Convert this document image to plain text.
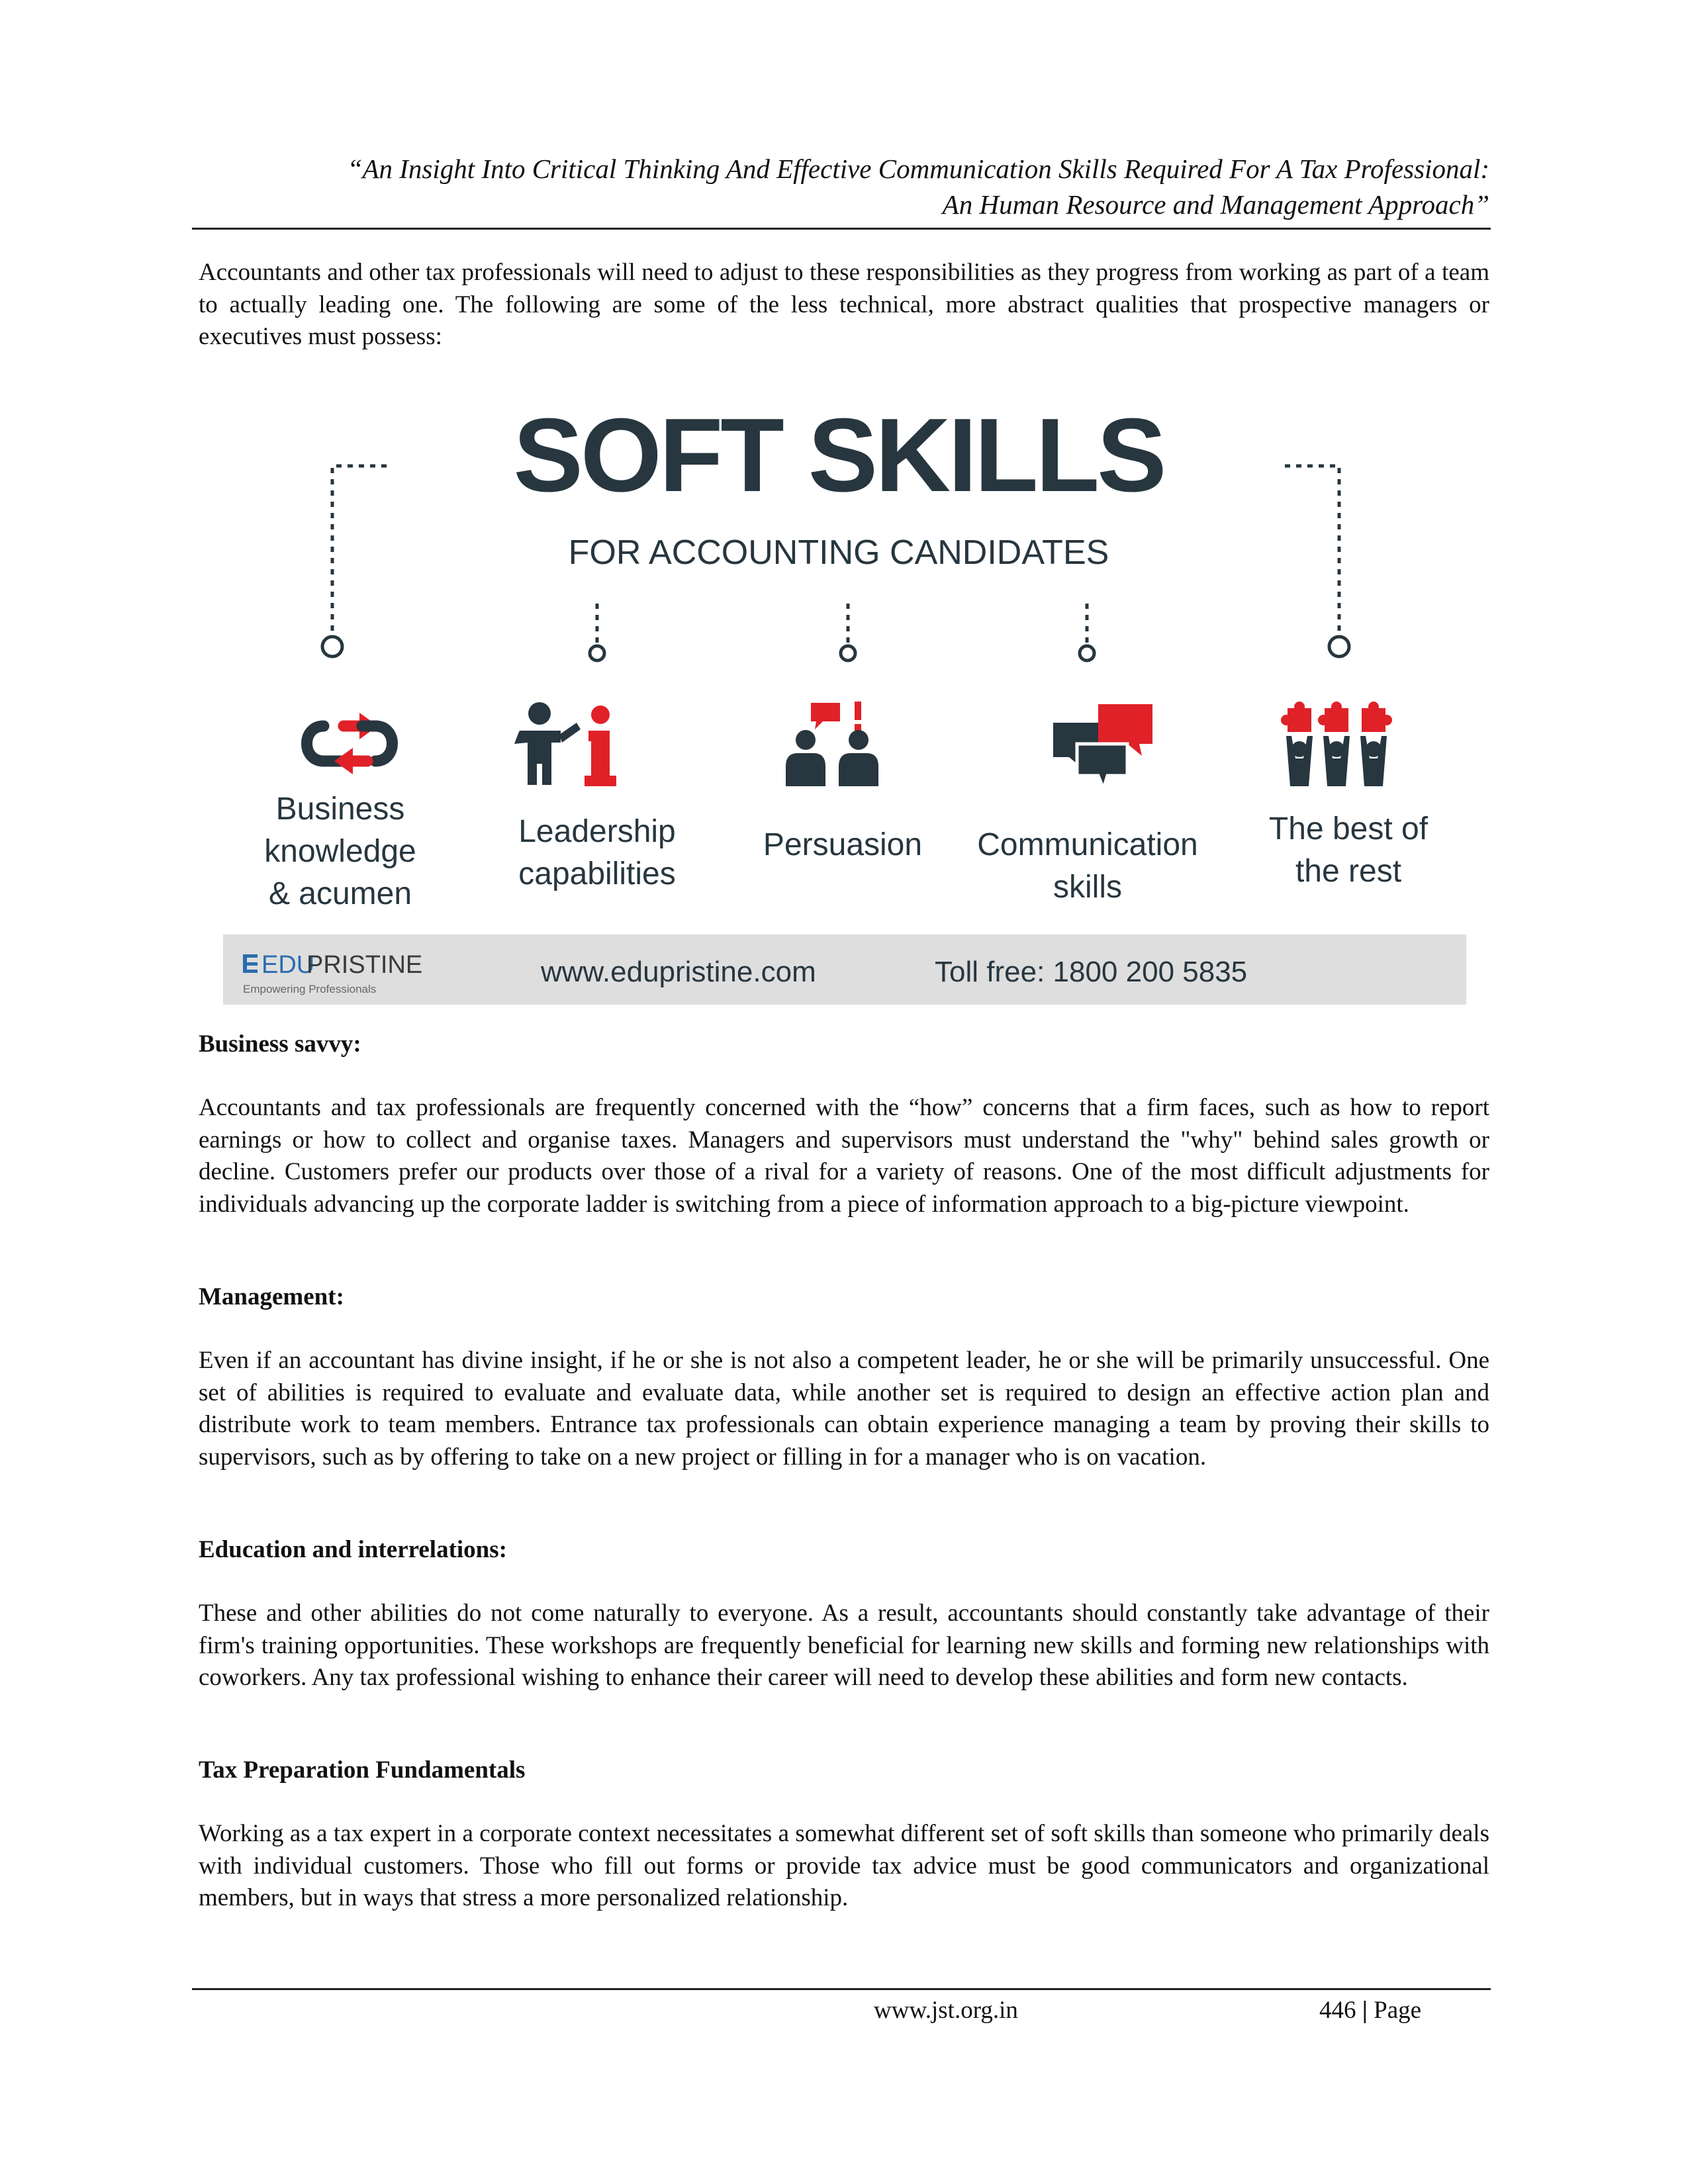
“An Insight Into Critical Thinking And Effective Communication Skills Required For A Tax Professional:
An Human Resource and Management Approach”

Accountants and other tax professionals will need to adjust to these responsibilities as they progress from working as part of a team to actually leading one. The following are some of the less technical, more abstract qualities that prospective managers or executives must possess:

SOFT SKILLS
FOR ACCOUNTING CANDIDATES
Business
knowledge
& acumen
Leadership
capabilities
Persuasion Communication
skills
The best of
the rest
EDU
PRISTINE
Empowering Professionals
www.edupristine.com	Toll free: 1800 200 5835

Business savvy:

Accountants and tax professionals are frequently concerned with the “how” concerns that a firm faces, such as how to report earnings or how to collect and organise taxes. Managers and supervisors must understand the "why" behind sales growth or decline. Customers prefer our products over those of a rival for a variety of reasons. One of the most difficult adjustments for individuals advancing up the corporate ladder is switching from a piece of information approach to a big-picture viewpoint.

Management:

Even if an accountant has divine insight, if he or she is not also a competent leader, he or she will be primarily unsuccessful. One set of abilities is required to evaluate and evaluate data, while another set is required to design an effective action plan and distribute work to team members. Entrance tax professionals can obtain experience managing a team by proving their skills to supervisors, such as by offering to take on a new project or filling in for a manager who is on vacation.

Education and interrelations:

These and other abilities do not come naturally to everyone. As a result, accountants should constantly take advantage of their firm's training opportunities. These workshops are frequently beneficial for learning new skills and forming new relationships with coworkers. Any tax professional wishing to enhance their career will need to develop these abilities and form new contacts.

Tax Preparation Fundamentals

Working as a tax expert in a corporate context necessitates a somewhat different set of soft skills than someone who primarily deals with individual customers. Those who fill out forms or provide tax advice must be good communicators and organizational members, but in ways that stress a more personalized relationship.

www.jst.org.in	446 | Page
